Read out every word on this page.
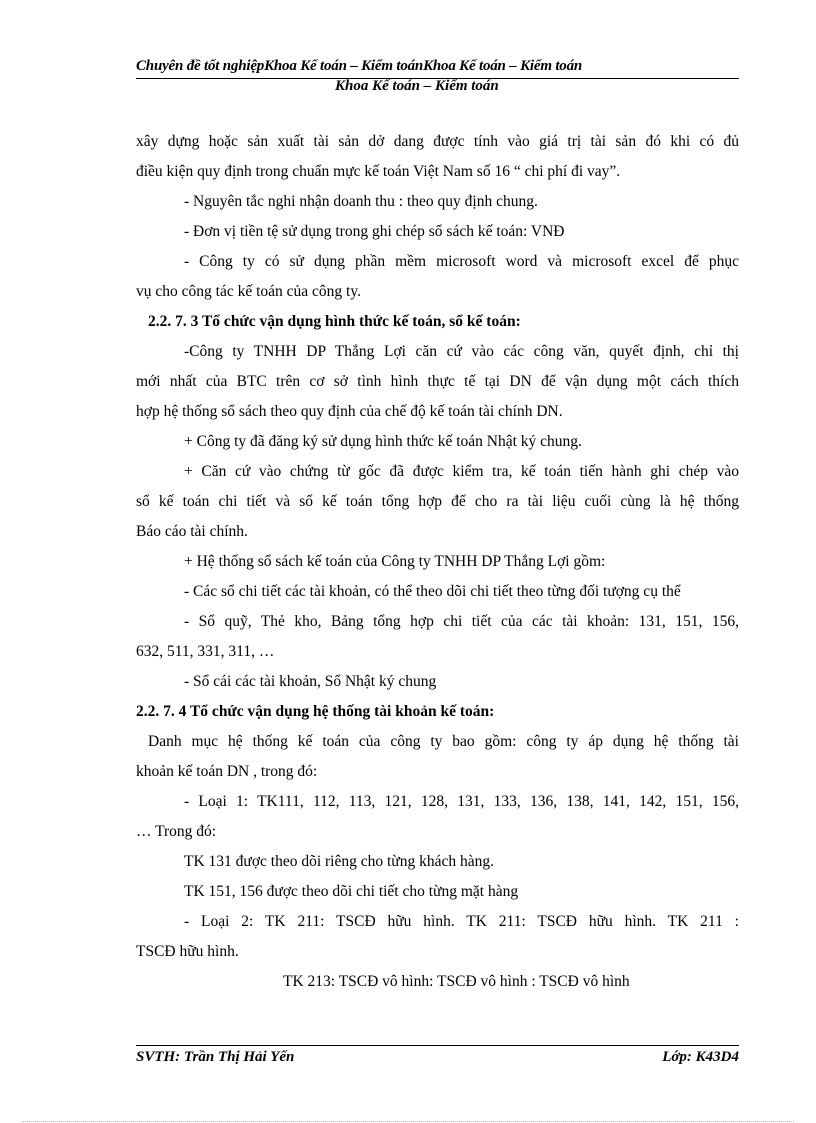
Chuyên đề tốt nghiệpKhoa Kế toán – Kiểm toánKhoa Kế toán – Kiểm toán
Khoa Kế toán – Kiểm toán
xây dựng hoặc sản xuất tài sản dở dang được tính vào giá trị tài sản đó khi có đủ
điều kiện quy định trong chuẩn mực kế toán Việt Nam số 16 “ chi phí đi vay”.
- Nguyên tắc nghi nhận doanh thu : theo quy định chung.
- Đơn vị tiền tệ sử dụng trong ghi chép sổ sách kế toán: VNĐ
- Công ty có sử dụng phần mềm microsoft word và microsoft excel để phục
vụ cho công tác kế toán của công ty.
2.2. 7. 3 Tổ chức vận dụng hình thức kế toán, sổ kế toán:
-Công ty TNHH DP Thắng Lợi căn cứ vào các công văn, quyết định, chỉ thị
mới nhất của BTC trên cơ sở tình hình thực tế tại DN để vận dụng một cách thích
hợp hệ thống sổ sách theo quy định của chế độ kế toán tài chính DN.
+ Công ty đã đăng ký sử dụng hình thức kế toán Nhật ký chung.
+ Căn cứ vào chứng từ gốc đã được kiểm tra, kế toán tiến hành ghi chép vào
sổ kế toán chi tiết và sổ kế toán tổng hợp để cho ra tài liệu cuối cùng là hệ thống
Báo cáo tài chính.
+ Hệ thống sổ sách kế toán của Công ty TNHH DP Thắng Lợi gồm:
- Các sổ chi tiết các tài khoản, có thể theo dõi chi tiết theo từng đối tượng cụ thể
- Sổ quỹ, Thẻ kho, Bảng tổng hợp chi tiết của các tài khoản: 131, 151, 156,
632, 511, 331, 311, …
- Sổ cái các tài khoản, Sổ Nhật ký chung
2.2. 7. 4 Tổ chức vận dụng hệ thống tài khoản kế toán:
Danh mục hệ thống kế toán của công ty bao gồm: công ty áp dụng hệ thống tài
khoản kế toán DN , trong đó:
- Loại 1: TK111, 112, 113, 121, 128, 131, 133, 136, 138, 141, 142, 151, 156,
… Trong đó:
TK 131 được theo dõi riêng cho từng khách hàng.
TK 151, 156 được theo dõi chi tiết cho từng mặt hàng
- Loại 2: TK 211: TSCĐ hữu hình. TK 211: TSCĐ hữu hình. TK 211 :
TSCĐ hữu hình.
TK 213: TSCĐ vô hình: TSCĐ vô hình : TSCĐ vô hình
SVTH: Trần Thị Hải Yến	Lớp: K43D4
